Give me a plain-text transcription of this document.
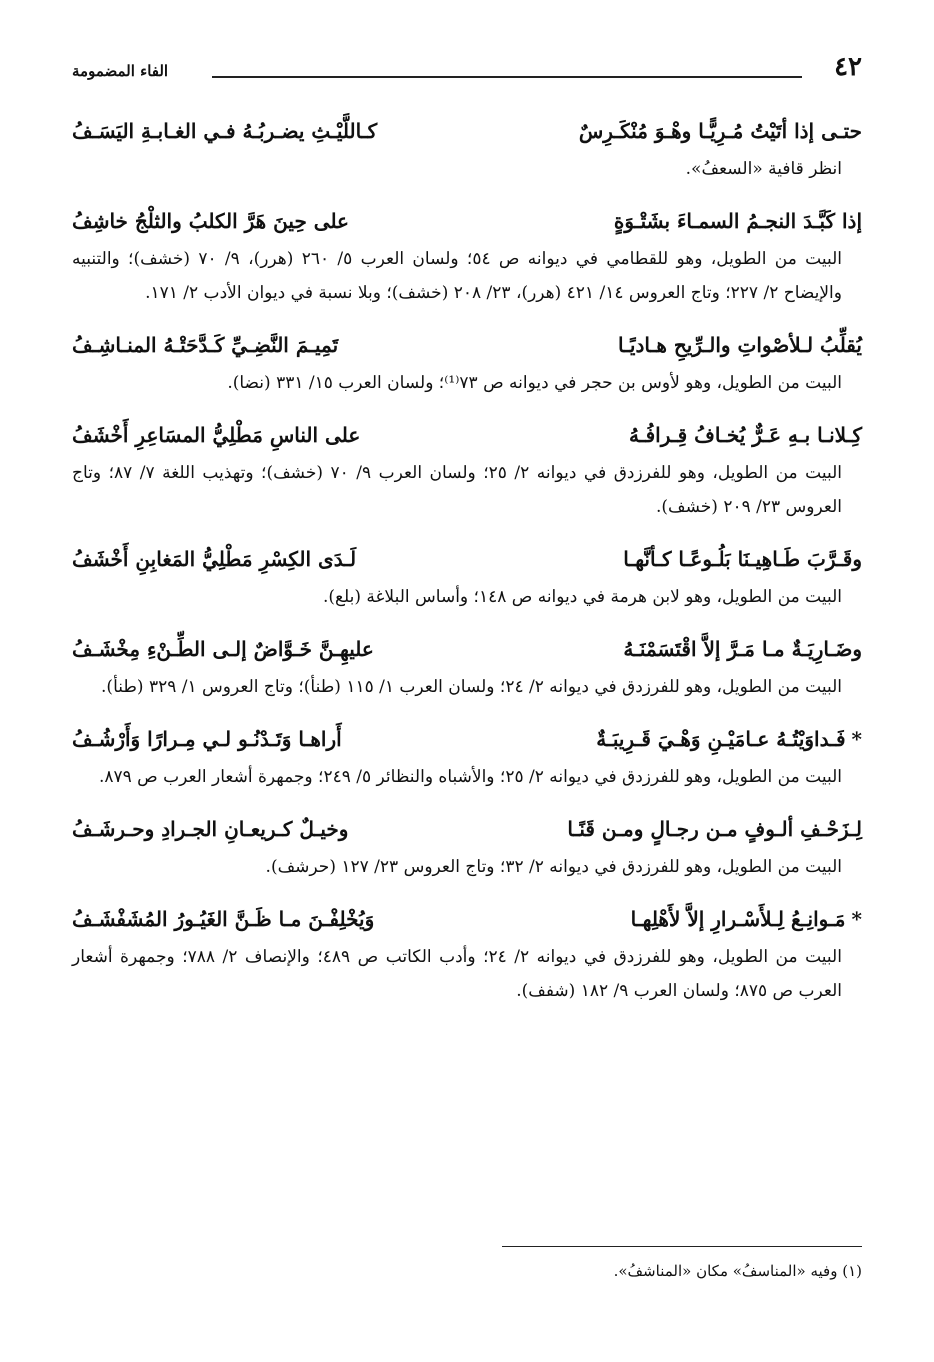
٤٢
الفاء المضمومة
حتـى إذا أتَيْتُ مُـرِيًّـا وهْـوَ مُنْكَـرِسٌ
كـاللَّيْـثِ يضـربُـهُ فـي الغـابـةِ اليَسَـفُ
انظر قافية «السعفُ».
إذا كَبَّـدَ النجـمُ السمـاءَ بشَتْـوَةٍ
على حِينَ هَرَّ الكلبُ والثلْجُ خاشِفُ
البيت من الطويل، وهو للقطامي في ديوانه ص ٥٤؛ ولسان العرب ٥/ ٢٦٠ (هرر)، ٩/ ٧٠ (خشف)؛ والتنبيه والإيضاح ٢/ ٢٢٧؛ وتاج العروس ١٤/ ٤٢١ (هرر)، ٢٣/ ٢٠٨ (خشف)؛ وبلا نسبة في ديوان الأدب ٢/ ١٧١.
يُقلِّبُ لـلأصْواتِ والـرِّيحِ هـاديًـا
تَمِيـمَ النَّضِـيِّ كَـدَّحَتْـهُ المنـاشِـفُ
البيت من الطويل، وهو لأوس بن حجر في ديوانه ص ٧٣⁽¹⁾؛ ولسان العرب ١٥/ ٣٣١ (نضا).
كِـلانـا بـهِ عَـرٌّ يُخـافُ قِـرافُـهُ
على الناسِ مَطْلِيُّ المسَاعِرِ أَخْشَفُ
البيت من الطويل، وهو للفرزدق في ديوانه ٢/ ٢٥؛ ولسان العرب ٩/ ٧٠ (خشف)؛ وتهذيب اللغة ٧/ ٨٧؛ وتاج العروس ٢٣/ ٢٠٩ (خشف).
وقَـرَّبَ طَـاهِيـنَا بَلُـوعًـا كـأنَّهـا
لَـدَى الكِسْرِ مَطْلِيُّ المَغابِنِ أَخْشَفُ
البيت من الطويل، وهو لابن هرمة في ديوانه ص ١٤٨؛ وأساس البلاغة (بلع).
وضَـارِيَـةٌ مـا مَـرَّ إلاَّ اقْتَسَمْنَـهُ
عليهِـنَّ خَـوَّاضٌ إلـى الطِّـنْءِ مِخْشَـفُ
البيت من الطويل، وهو للفرزدق في ديوانه ٢/ ٢٤؛ ولسان العرب ١/ ١١٥ (طنأ)؛ وتاج العروس ١/ ٣٢٩ (طنأ).
*فَـداوَيْتُـهُ عـامَيْـنِ وَهْـيَ قَـرِيبَـةٌ
أَراهـا وَتَـدْنُـو لـي مِـرارًا وَأَرْشُـفُ
البيت من الطويل، وهو للفرزدق في ديوانه ٢/ ٢٥؛ والأشباه والنظائر ٥/ ٢٤٩؛ وجمهرة أشعار العرب ص ٨٧٩.
لِـزَحْـفِ ألـوفٍ مـن رجـالٍ ومـن قَنًـا
وخيـلٌ كـريعـانِ الجـرادِ وحـرشَـفُ
البيت من الطويل، وهو للفرزدق في ديوانه ٢/ ٣٢؛ وتاج العروس ٢٣/ ١٢٧ (حرشف).
*مَـوانِـعُ لِـلأَسْـرارِ إلاَّ لأَهْلِهـا
وَيُخْلِفْـنَ مـا ظَـنَّ الغَيُـورُ المُشَفْشَـفُ
البيت من الطويل، وهو للفرزدق في ديوانه ٢/ ٢٤؛ وأدب الكاتب ص ٤٨٩؛ والإنصاف ٢/ ٧٨٨؛ وجمهرة أشعار العرب ص ٨٧٥؛ ولسان العرب ٩/ ١٨٢ (شفف).
(١) وفيه «المناسفُ» مكان «المناشفُ».
